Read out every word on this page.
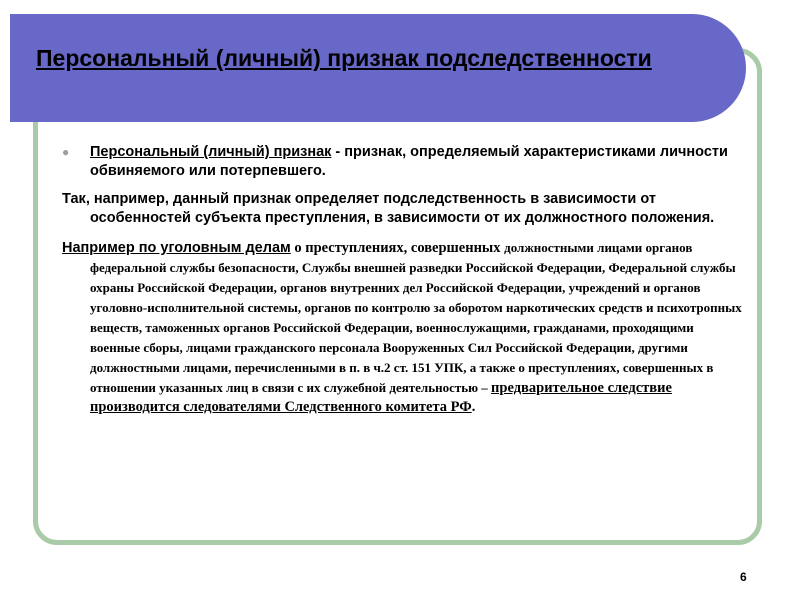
Персональный (личный) признак подследственности

● Персональный (личный) признак - признак, определяемый характеристиками личности обвиняемого или потерпевшего.

Так, например, данный признак определяет подследственность в зависимости от особенностей субъекта преступления, в зависимости от их должностного положения.

Например по уголовным делам о преступлениях, совершенных должностными лицами органов федеральной службы безопасности, Службы внешней разведки Российской Федерации, Федеральной службы охраны Российской Федерации, органов внутренних дел Российской Федерации, учреждений и органов уголовно-исполнительной системы, органов по контролю за оборотом наркотических средств и психотропных веществ, таможенных органов Российской Федерации, военнослужащими, гражданами, проходящими военные сборы, лицами гражданского персонала Вооруженных Сил Российской Федерации, другими должностными лицами, перечисленными в п. в ч.2 ст. 151 УПК, а также о преступлениях, совершенных в отношении указанных лиц в связи с их служебной деятельностью – предварительное следствие производится следователями Следственного комитета РФ.

6
